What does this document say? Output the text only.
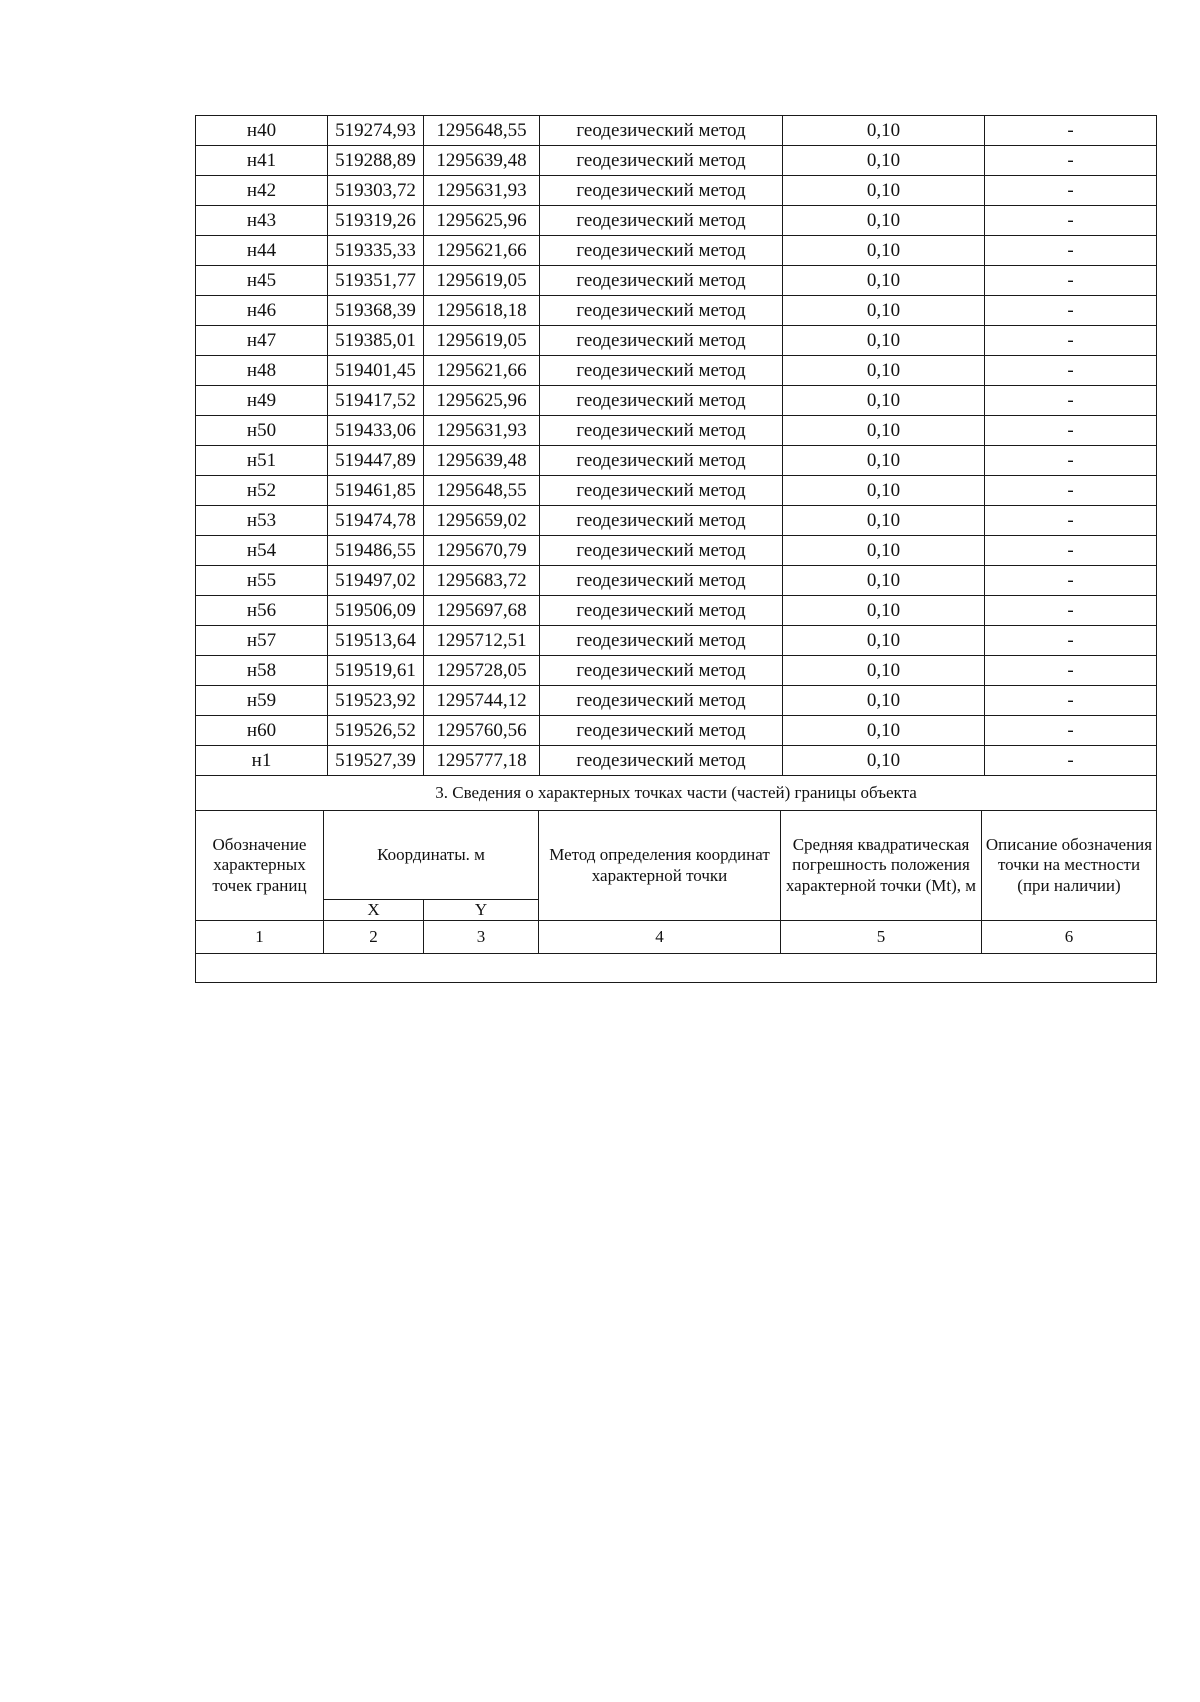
н40	519274,93	1295648,55	геодезический метод	0,10	-
н41	519288,89	1295639,48	геодезический метод	0,10	-
н42	519303,72	1295631,93	геодезический метод	0,10	-
н43	519319,26	1295625,96	геодезический метод	0,10	-
н44	519335,33	1295621,66	геодезический метод	0,10	-
н45	519351,77	1295619,05	геодезический метод	0,10	-
н46	519368,39	1295618,18	геодезический метод	0,10	-
н47	519385,01	1295619,05	геодезический метод	0,10	-
н48	519401,45	1295621,66	геодезический метод	0,10	-
н49	519417,52	1295625,96	геодезический метод	0,10	-
н50	519433,06	1295631,93	геодезический метод	0,10	-
н51	519447,89	1295639,48	геодезический метод	0,10	-
н52	519461,85	1295648,55	геодезический метод	0,10	-
н53	519474,78	1295659,02	геодезический метод	0,10	-
н54	519486,55	1295670,79	геодезический метод	0,10	-
н55	519497,02	1295683,72	геодезический метод	0,10	-
н56	519506,09	1295697,68	геодезический метод	0,10	-
н57	519513,64	1295712,51	геодезический метод	0,10	-
н58	519519,61	1295728,05	геодезический метод	0,10	-
н59	519523,92	1295744,12	геодезический метод	0,10	-
н60	519526,52	1295760,56	геодезический метод	0,10	-
н1	519527,39	1295777,18	геодезический метод	0,10	-
3. Сведения о характерных точках части (частей) границы объекта					
Обозначение характерных точек границ	Координаты. м		Метод определения координат характерной точки	Средняя квадратическая погрешность положения характерной точки (Mt), м	Описание обозначения точки на местности (при наличии)
	X	Y			
1	2	3	4	5	6
